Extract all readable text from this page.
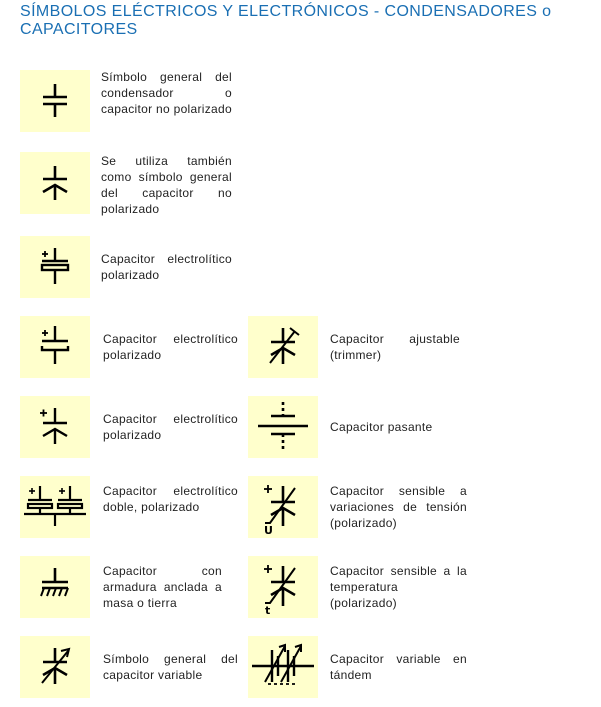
SÍMBOLOS ELÉCTRICOS Y ELECTRÓNICOS - CONDENSADORES o CAPACITORES
Símbolo general del condensador o capacitor no polarizado
Se utiliza también como símbolo general del capacitor no polarizado
Capacitor electrolítico polarizado
Capacitor electrolítico polarizado
Capacitor electrolítico polarizado
Capacitor electrolítico doble, polarizado
Capacitor con armadura anclada a masa o tierra
Símbolo general del capacitor variable
Capacitor ajustable (trimmer)
Capacitor pasante
U
Capacitor sensible a variaciones de tensión (polarizado)
t
Capacitor sensible a la temperatura (polarizado)
Capacitor variable en tándem
